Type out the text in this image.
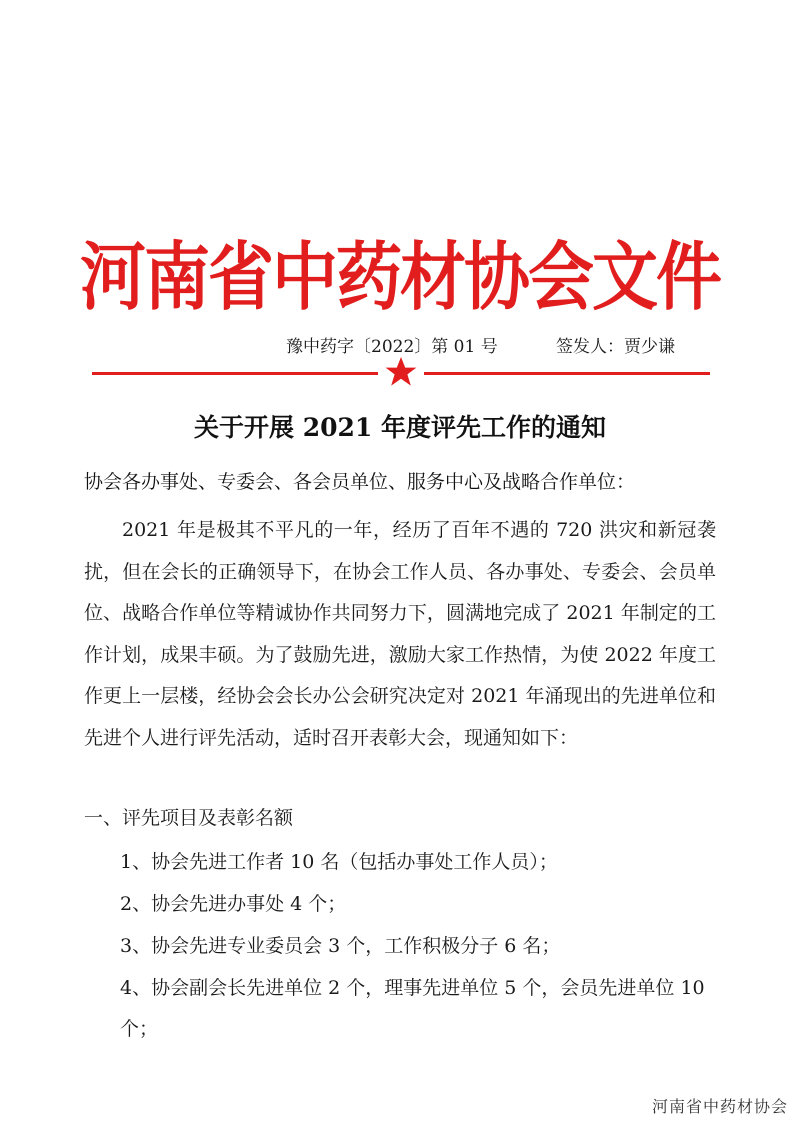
河南省中药材协会文件
豫中药字〔2022〕第 01 号	签发人：贾少谦
关于开展 2021 年度评先工作的通知
协会各办事处、专委会、各会员单位、服务中心及战略合作单位：
2021 年是极其不平凡的一年，经历了百年不遇的 720 洪灾和新冠袭扰，但在会长的正确领导下，在协会工作人员、各办事处、专委会、会员单位、战略合作单位等精诚协作共同努力下，圆满地完成了 2021 年制定的工作计划，成果丰硕。为了鼓励先进，激励大家工作热情，为使 2022 年度工作更上一层楼，经协会会长办公会研究决定对 2021 年涌现出的先进单位和先进个人进行评先活动，适时召开表彰大会，现通知如下：
一、评先项目及表彰名额
1、协会先进工作者 10 名（包括办事处工作人员）；
2、协会先进办事处 4 个；
3、协会先进专业委员会 3 个，工作积极分子 6 名；
4、协会副会长先进单位 2 个，理事先进单位 5 个，会员先进单位 10 个；
河南省中药材协会
